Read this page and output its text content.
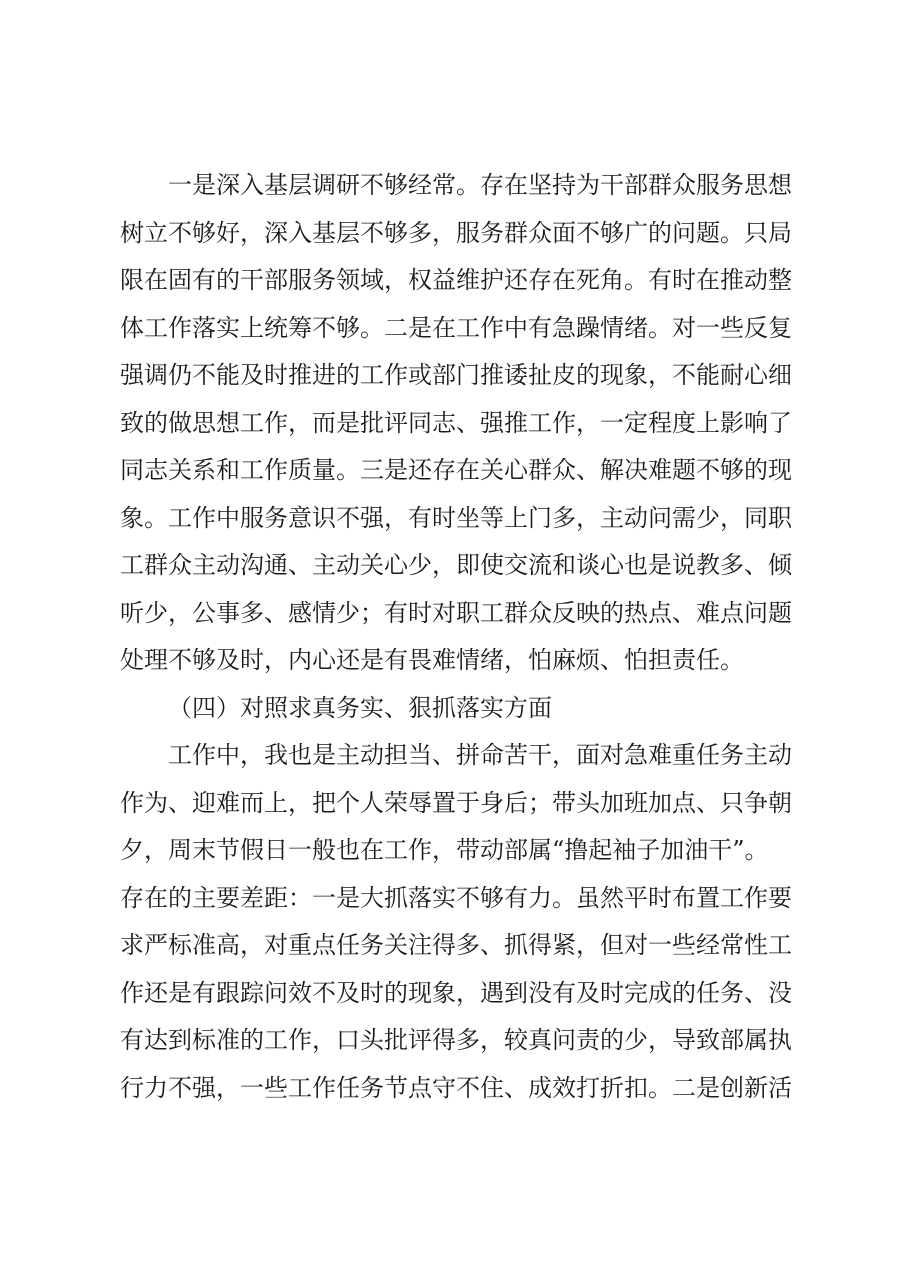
一是深入基层调研不够经常。存在坚持为干部群众服务思想
树立不够好，深入基层不够多，服务群众面不够广的问题。只局
限在固有的干部服务领域，权益维护还存在死角。有时在推动整
体工作落实上统筹不够。二是在工作中有急躁情绪。对一些反复
强调仍不能及时推进的工作或部门推诿扯皮的现象，不能耐心细
致的做思想工作，而是批评同志、强推工作，一定程度上影响了
同志关系和工作质量。三是还存在关心群众、解决难题不够的现
象。工作中服务意识不强，有时坐等上门多，主动问需少，同职
工群众主动沟通、主动关心少，即使交流和谈心也是说教多、倾
听少，公事多、感情少；有时对职工群众反映的热点、难点问题
处理不够及时，内心还是有畏难情绪，怕麻烦、怕担责任。
（四）对照求真务实、狠抓落实方面
工作中，我也是主动担当、拼命苦干，面对急难重任务主动
作为、迎难而上，把个人荣辱置于身后；带头加班加点、只争朝
夕，周末节假日一般也在工作，带动部属“撸起袖子加油干”。
存在的主要差距：一是大抓落实不够有力。虽然平时布置工作要
求严标准高，对重点任务关注得多、抓得紧，但对一些经常性工
作还是有跟踪问效不及时的现象，遇到没有及时完成的任务、没
有达到标准的工作，口头批评得多，较真问责的少，导致部属执
行力不强，一些工作任务节点守不住、成效打折扣。二是创新活
